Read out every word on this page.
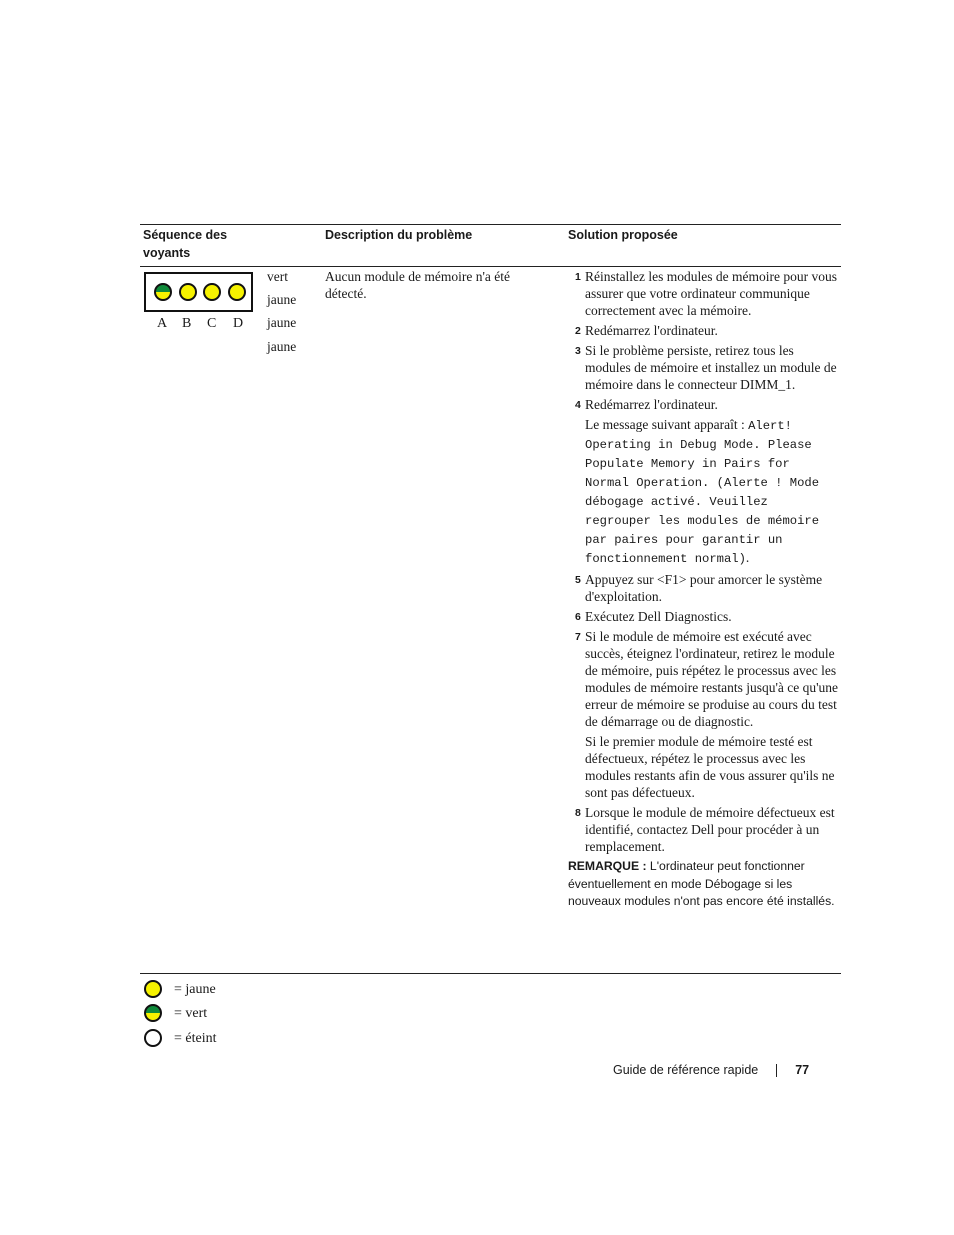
Séquence des
voyants
Description du problème	Solution proposée
A B C D
vert
jaune
jaune
jaune
Aucun module de mémoire n'a été détecté.
1 Réinstallez les modules de mémoire pour vous assurer que votre ordinateur communique correctement avec la mémoire.
2 Redémarrez l'ordinateur.
3 Si le problème persiste, retirez tous les modules de mémoire et installez un module de mémoire dans le connecteur DIMM_1.
4 Redémarrez l'ordinateur.
Le message suivant apparaît : Alert! Operating in Debug Mode. Please Populate Memory in Pairs for Normal Operation. (Alerte ! Mode débogage activé. Veuillez regrouper les modules de mémoire par paires pour garantir un fonctionnement normal).
5 Appuyez sur <F1> pour amorcer le système d'exploitation.
6 Exécutez Dell Diagnostics.
7 Si le module de mémoire est exécuté avec succès, éteignez l'ordinateur, retirez le module de mémoire, puis répétez le processus avec les modules de mémoire restants jusqu'à ce qu'une erreur de mémoire se produise au cours du test de démarrage ou de diagnostic.
Si le premier module de mémoire testé est défectueux, répétez le processus avec les modules restants afin de vous assurer qu'ils ne sont pas défectueux.
8 Lorsque le module de mémoire défectueux est identifié, contactez Dell pour procéder à un remplacement.
REMARQUE : L'ordinateur peut fonctionner éventuellement en mode Débogage si les nouveaux modules n'ont pas encore été installés.
= jaune
= vert
= éteint
Guide de référence rapide	77
